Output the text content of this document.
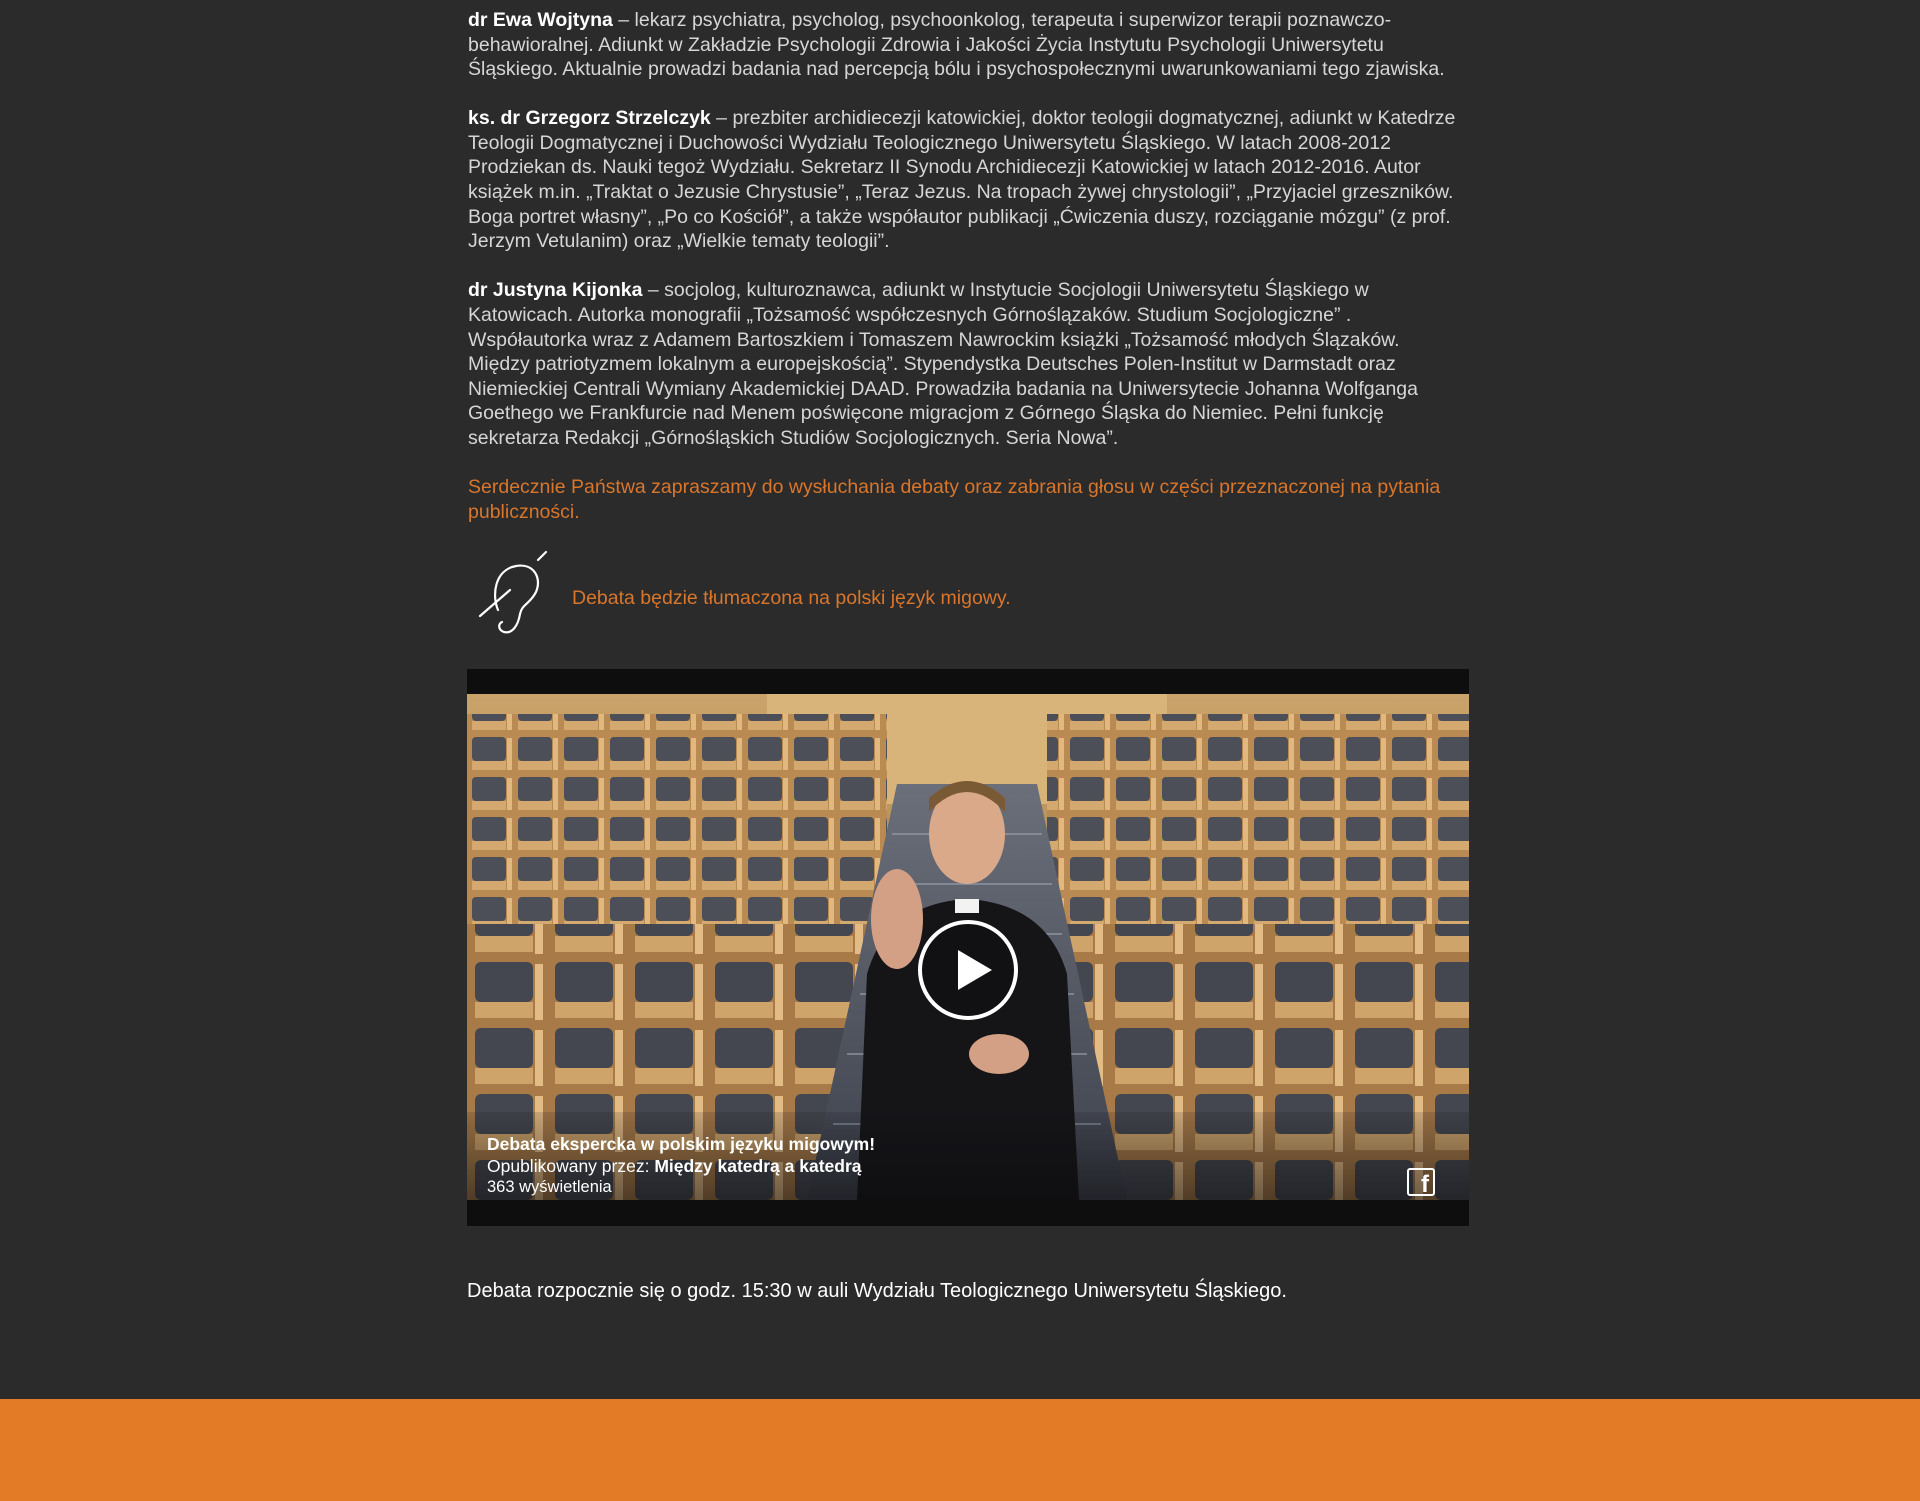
dr Ewa Wojtyna – lekarz psychiatra, psycholog, psychoonkolog, terapeuta i superwizor terapii poznawczo-
behawioralnej. Adiunkt w Zakładzie Psychologii Zdrowia i Jakości Życia Instytutu Psychologii Uniwersytetu
Śląskiego. Aktualnie prowadzi badania nad percepcją bólu i psychospołecznymi uwarunkowaniami tego zjawiska.

ks. dr Grzegorz Strzelczyk – prezbiter archidiecezji katowickiej, doktor teologii dogmatycznej, adiunkt w Katedrze
Teologii Dogmatycznej i Duchowości Wydziału Teologicznego Uniwersytetu Śląskiego. W latach 2008-2012
Prodziekan ds. Nauki tegoż Wydziału. Sekretarz II Synodu Archidiecezji Katowickiej w latach 2012-2016. Autor
książek m.in. „Traktat o Jezusie Chrystusie”, „Teraz Jezus. Na tropach żywej chrystologii”, „Przyjaciel grzeszników.
Boga portret własny”, „Po co Kościół”, a także współautor publikacji „Ćwiczenia duszy, rozciąganie mózgu” (z prof.
Jerzym Vetulanim) oraz „Wielkie tematy teologii”.

dr Justyna Kijonka – socjolog, kulturoznawca, adiunkt w Instytucie Socjologii Uniwersytetu Śląskiego w
Katowicach. Autorka monografii „Tożsamość współczesnych Górnoślązaków. Studium Socjologiczne” .
Współautorka wraz z Adamem Bartoszkiem i Tomaszem Nawrockim książki „Tożsamość młodych Ślązaków.
Między patriotyzmem lokalnym a europejskością”. Stypendystka Deutsches Polen-Institut w Darmstadt oraz
Niemieckiej Centrali Wymiany Akademickiej DAAD. Prowadziła badania na Uniwersytecie Johanna Wolfganga
Goethego we Frankfurcie nad Menem poświęcone migracjom z Górnego Śląska do Niemiec. Pełni funkcję
sekretarza Redakcji „Górnośląskich Studiów Socjologicznych. Seria Nowa”.

Serdecznie Państwa zapraszamy do wysłuchania debaty oraz zabrania głosu w części przeznaczonej na pytania
publiczności.

Debata będzie tłumaczona na polski język migowy.
Debata ekspercka w polskim języku migowym!
Opublikowany przez: Między katedrą a katedrą
363 wyświetlenia	f
Debata rozpocznie się o godz. 15:30 w auli Wydziału Teologicznego Uniwersytetu Śląskiego.
